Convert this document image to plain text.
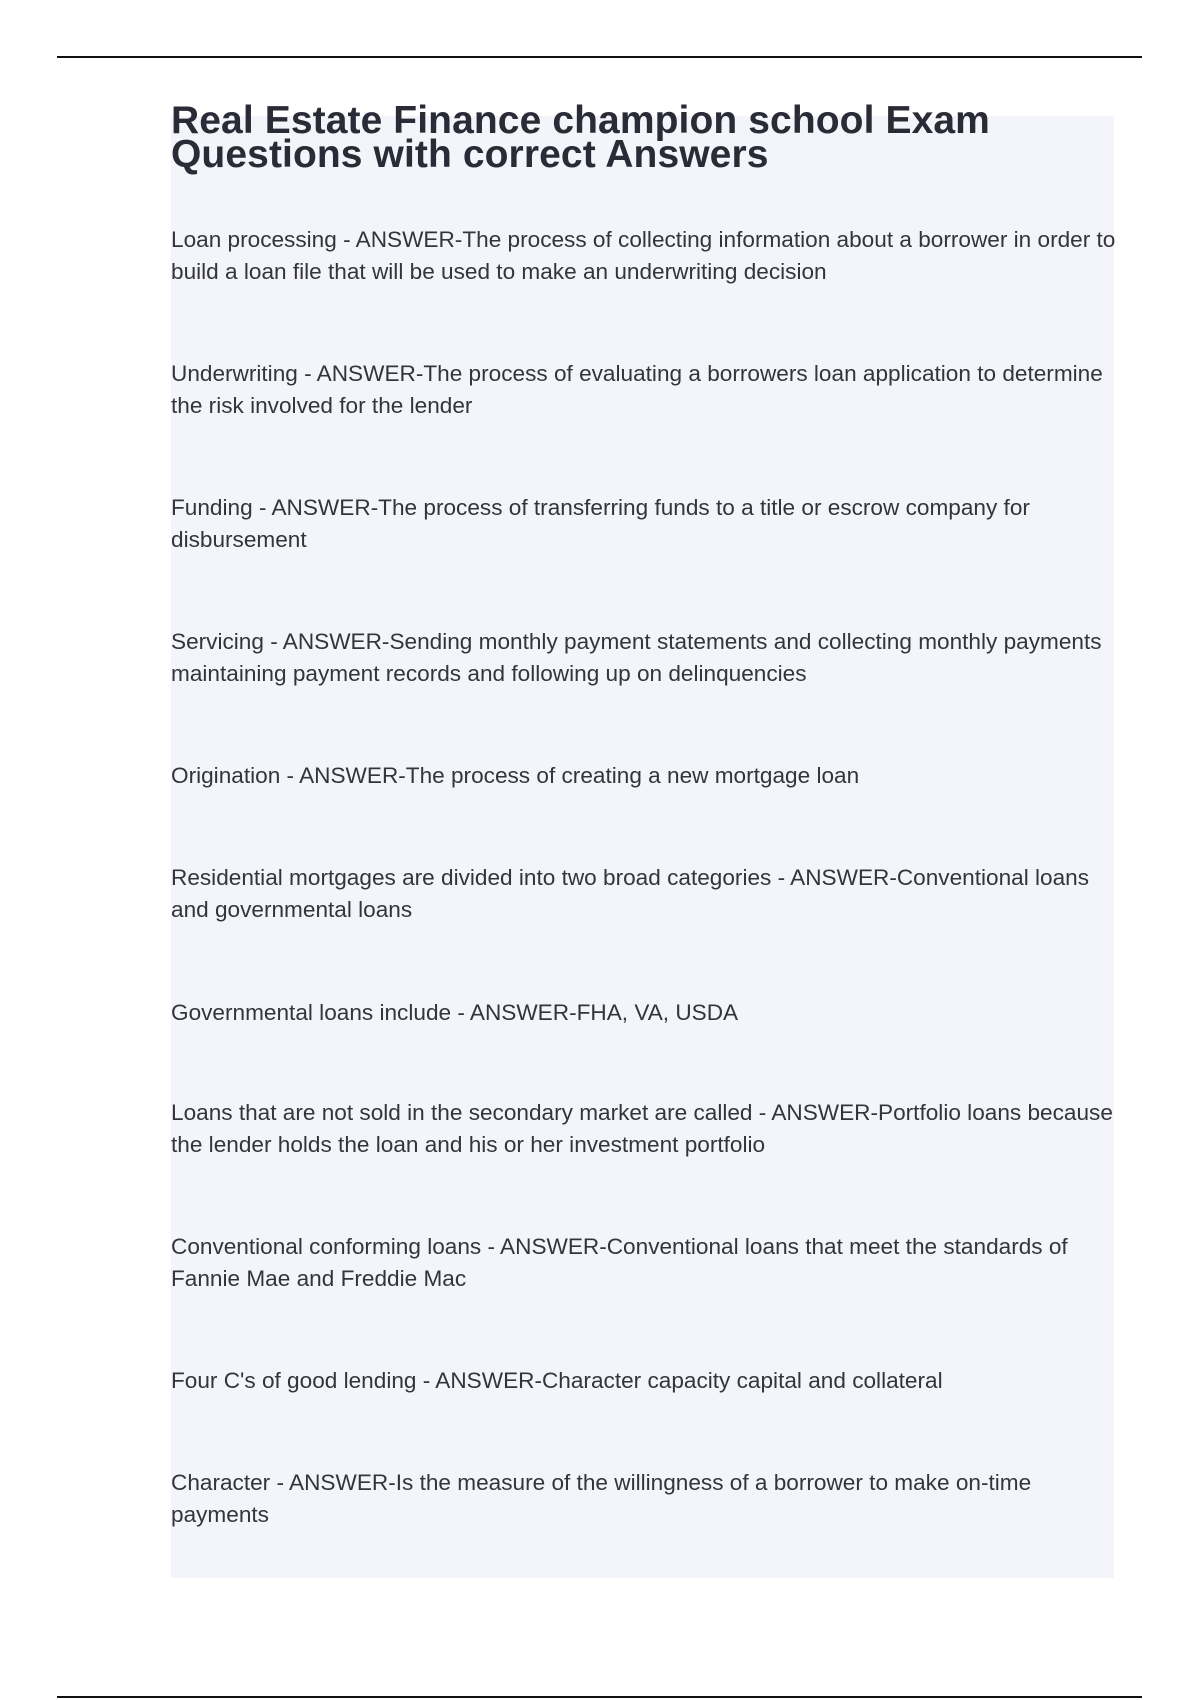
Real Estate Finance champion school Exam Questions with correct Answers
Loan processing - ANSWER-The process of collecting information about a borrower in order to build a loan file that will be used to make an underwriting decision
Underwriting - ANSWER-The process of evaluating a borrowers loan application to determine the risk involved for the lender
Funding - ANSWER-The process of transferring funds to a title or escrow company for disbursement
Servicing - ANSWER-Sending monthly payment statements and collecting monthly payments maintaining payment records and following up on delinquencies
Origination - ANSWER-The process of creating a new mortgage loan
Residential mortgages are divided into two broad categories - ANSWER-Conventional loans and governmental loans
Governmental loans include - ANSWER-FHA, VA, USDA
Loans that are not sold in the secondary market are called - ANSWER-Portfolio loans because the lender holds the loan and his or her investment portfolio
Conventional conforming loans - ANSWER-Conventional loans that meet the standards of Fannie Mae and Freddie Mac
Four C's of good lending - ANSWER-Character capacity capital and collateral
Character - ANSWER-Is the measure of the willingness of a borrower to make on-time payments
